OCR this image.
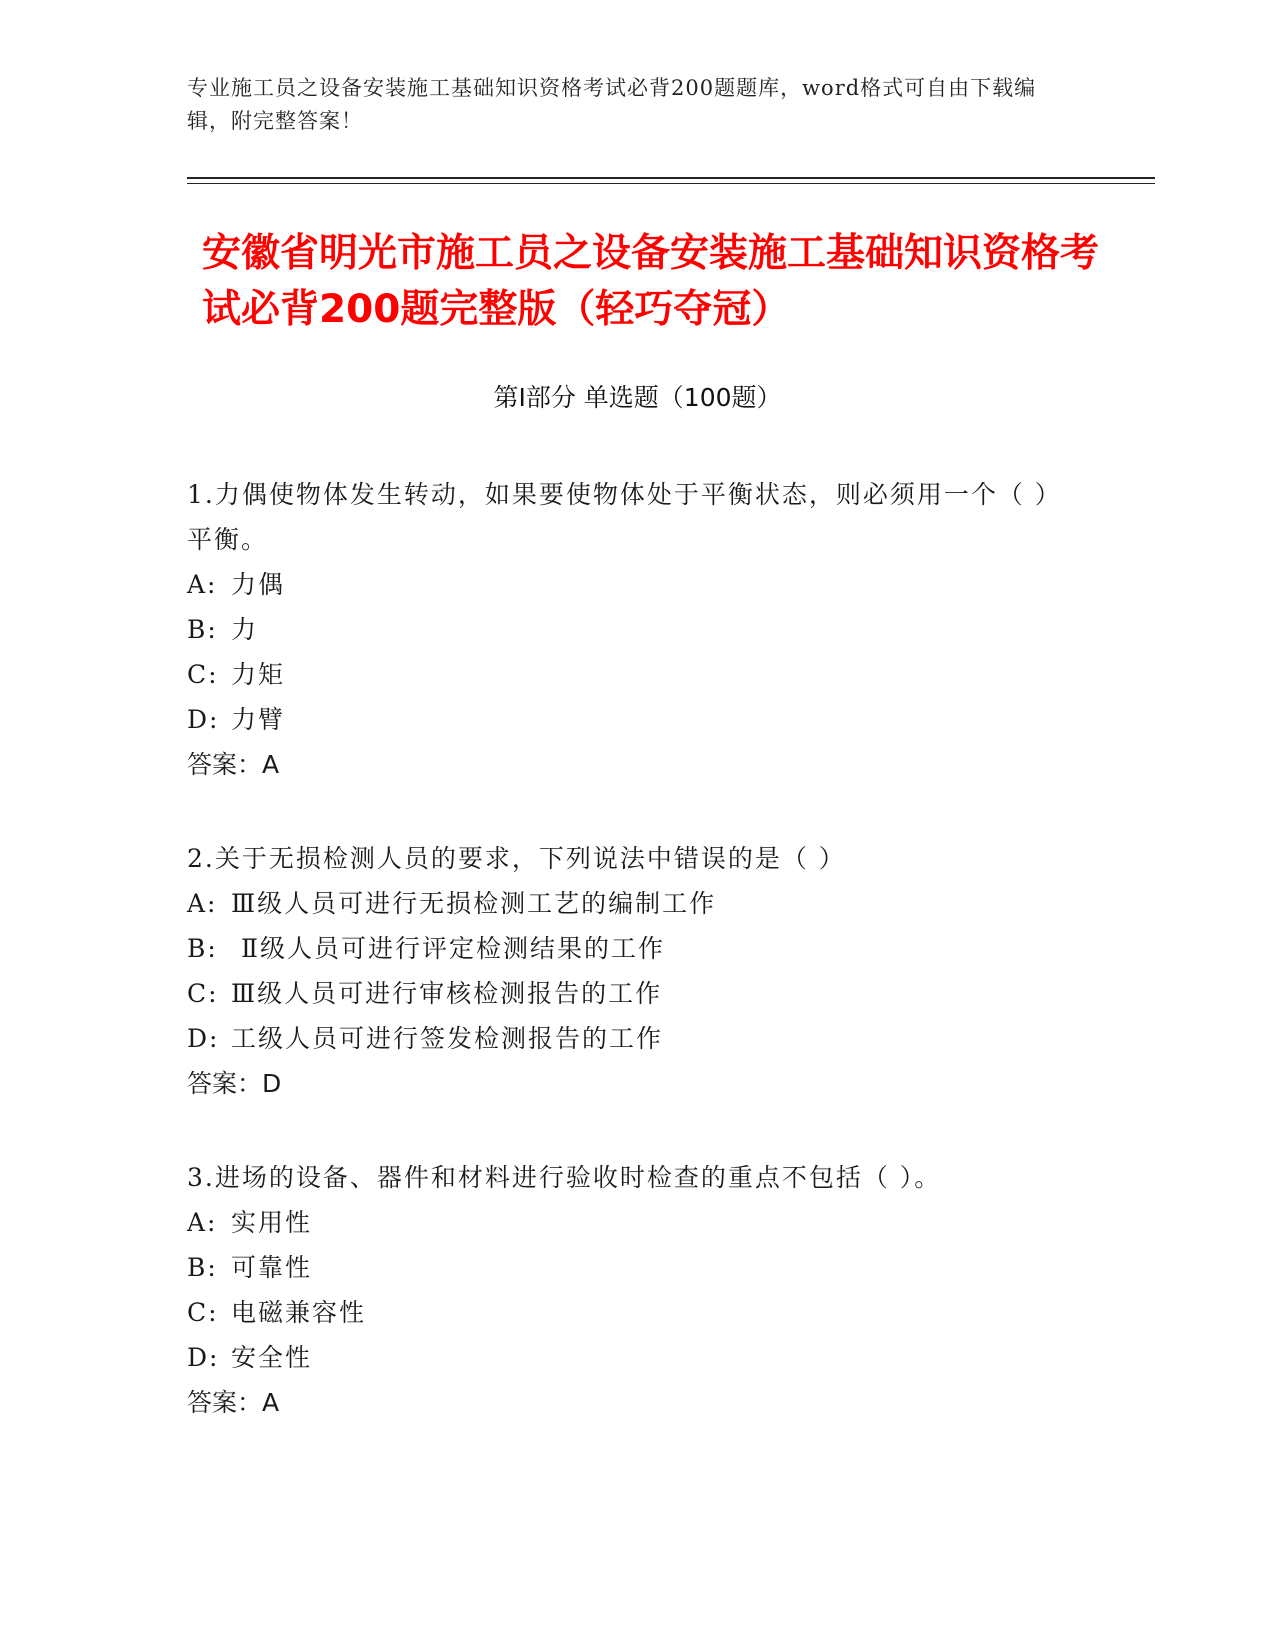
专业施工员之设备安装施工基础知识资格考试必背200题题库，word格式可自由下载编辑，附完整答案！
安徽省明光市施工员之设备安装施工基础知识资格考试必背200题完整版（轻巧夺冠）
第I部分 单选题（100题）

1.力偶使物体发生转动，如果要使物体处于平衡状态，则必须用一个（ ）平衡。

A: 力偶
B: 力
C: 力矩
D: 力臂

答案：A

2.关于无损检测人员的要求，下列说法中错误的是（ ）

A: Ⅲ级人员可进行无损检测工艺的编制工作
B: Ⅱ级人员可进行评定检测结果的工作
C: Ⅲ级人员可进行审核检测报告的工作
D: 工级人员可进行签发检测报告的工作

答案：D

3.进场的设备、器件和材料进行验收时检查的重点不包括（ ）。

A: 实用性
B: 可靠性
C: 电磁兼容性
D: 安全性

答案：A
